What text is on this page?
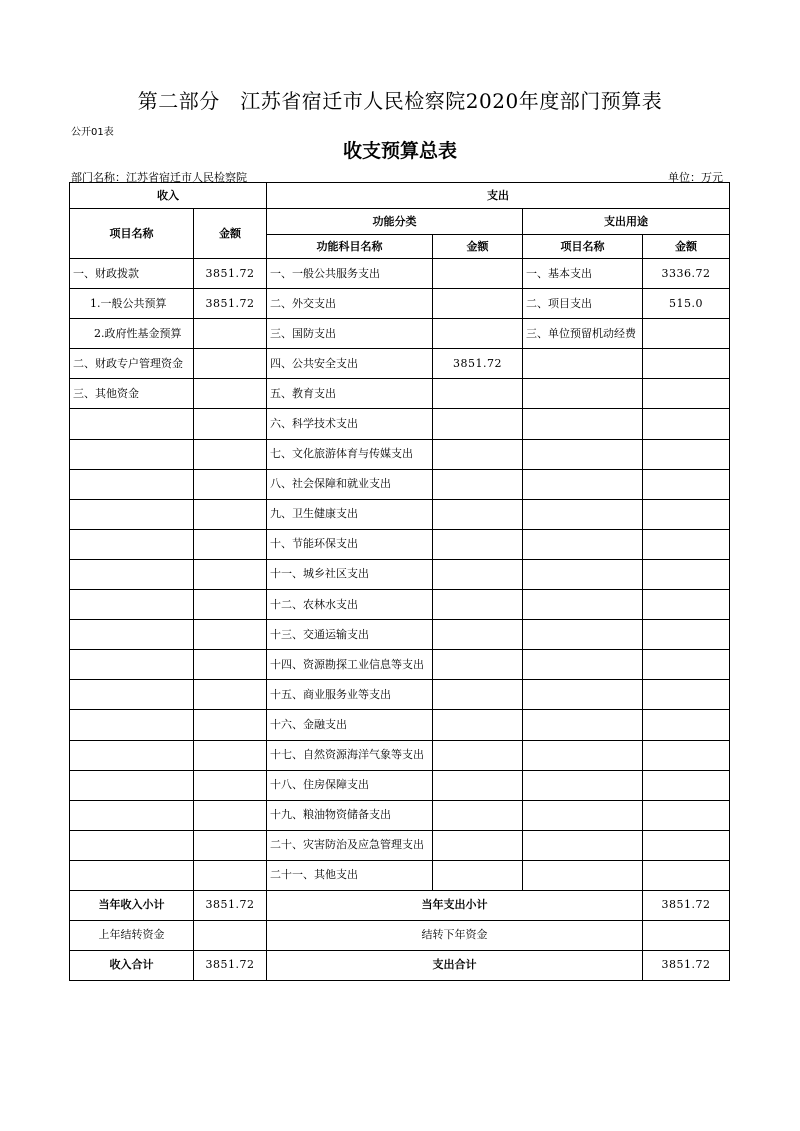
第二部分　江苏省宿迁市人民检察院2020年度部门预算表
公开01表
收支预算总表
部门名称：江苏省宿迁市人民检察院	单位：万元
收入		支出			
项目名称	金额	功能分类		支出用途	
		功能科目名称	金额	项目名称	金额
一、财政拨款	3851.72	一、一般公共服务支出		一、基本支出	3336.72
1.一般公共预算	3851.72	二、外交支出		二、项目支出	515.0
2.政府性基金预算		三、国防支出		三、单位预留机动经费	
二、财政专户管理资金		四、公共安全支出	3851.72		
三、其他资金		五、教育支出			
		六、科学技术支出			
		七、文化旅游体育与传媒支出			
		八、社会保障和就业支出			
		九、卫生健康支出			
		十、节能环保支出			
		十一、城乡社区支出			
		十二、农林水支出			
		十三、交通运输支出			
		十四、资源勘探工业信息等支出			
		十五、商业服务业等支出			
		十六、金融支出			
		十七、自然资源海洋气象等支出			
		十八、住房保障支出			
		十九、粮油物资储备支出			
		二十、灾害防治及应急管理支出			
		二十一、其他支出			
当年收入小计	3851.72	当年支出小计			3851.72
上年结转资金		结转下年资金			
收入合计	3851.72	支出合计			3851.72
